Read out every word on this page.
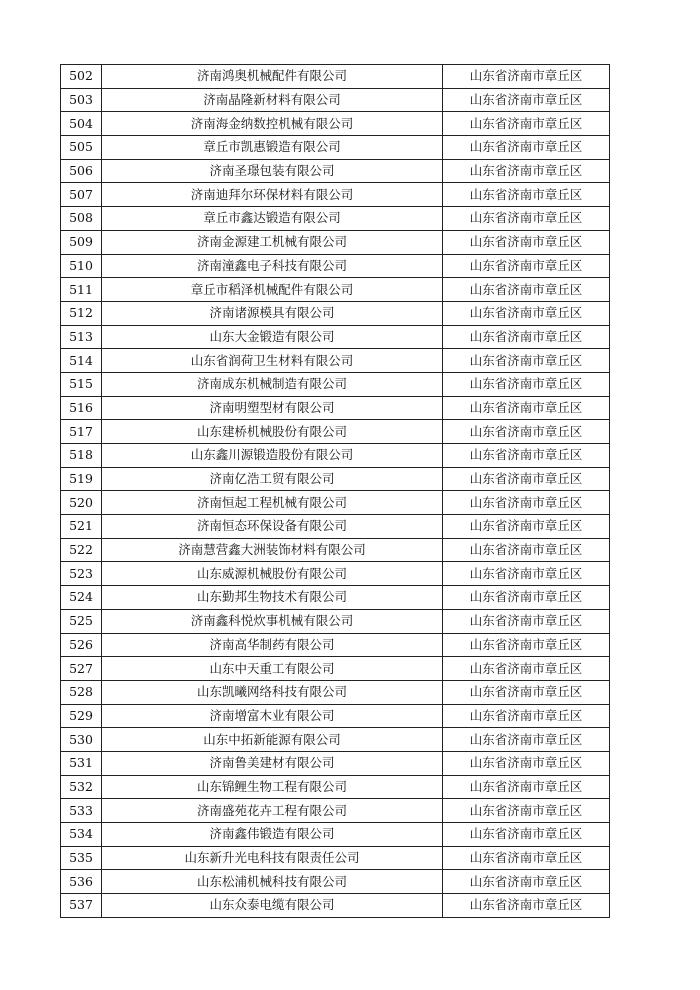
502	济南鸿奥机械配件有限公司	山东省济南市章丘区
503	济南晶隆新材料有限公司	山东省济南市章丘区
504	济南海金纳数控机械有限公司	山东省济南市章丘区
505	章丘市凯惠锻造有限公司	山东省济南市章丘区
506	济南圣璟包装有限公司	山东省济南市章丘区
507	济南迪拜尔环保材料有限公司	山东省济南市章丘区
508	章丘市鑫达锻造有限公司	山东省济南市章丘区
509	济南金源建工机械有限公司	山东省济南市章丘区
510	济南潼鑫电子科技有限公司	山东省济南市章丘区
511	章丘市稻泽机械配件有限公司	山东省济南市章丘区
512	济南诸源模具有限公司	山东省济南市章丘区
513	山东大金锻造有限公司	山东省济南市章丘区
514	山东省润荷卫生材料有限公司	山东省济南市章丘区
515	济南成东机械制造有限公司	山东省济南市章丘区
516	济南明塑型材有限公司	山东省济南市章丘区
517	山东建桥机械股份有限公司	山东省济南市章丘区
518	山东鑫川源锻造股份有限公司	山东省济南市章丘区
519	济南亿浩工贸有限公司	山东省济南市章丘区
520	济南恒起工程机械有限公司	山东省济南市章丘区
521	济南恒态环保设备有限公司	山东省济南市章丘区
522	济南慧营鑫大洲装饰材料有限公司	山东省济南市章丘区
523	山东威源机械股份有限公司	山东省济南市章丘区
524	山东勤邦生物技术有限公司	山东省济南市章丘区
525	济南鑫科悦炊事机械有限公司	山东省济南市章丘区
526	济南高华制药有限公司	山东省济南市章丘区
527	山东中天重工有限公司	山东省济南市章丘区
528	山东凯曦网络科技有限公司	山东省济南市章丘区
529	济南增富木业有限公司	山东省济南市章丘区
530	山东中拓新能源有限公司	山东省济南市章丘区
531	济南鲁美建材有限公司	山东省济南市章丘区
532	山东锦鲤生物工程有限公司	山东省济南市章丘区
533	济南盛苑花卉工程有限公司	山东省济南市章丘区
534	济南鑫伟锻造有限公司	山东省济南市章丘区
535	山东新升光电科技有限责任公司	山东省济南市章丘区
536	山东松浦机械科技有限公司	山东省济南市章丘区
537	山东众泰电缆有限公司	山东省济南市章丘区
